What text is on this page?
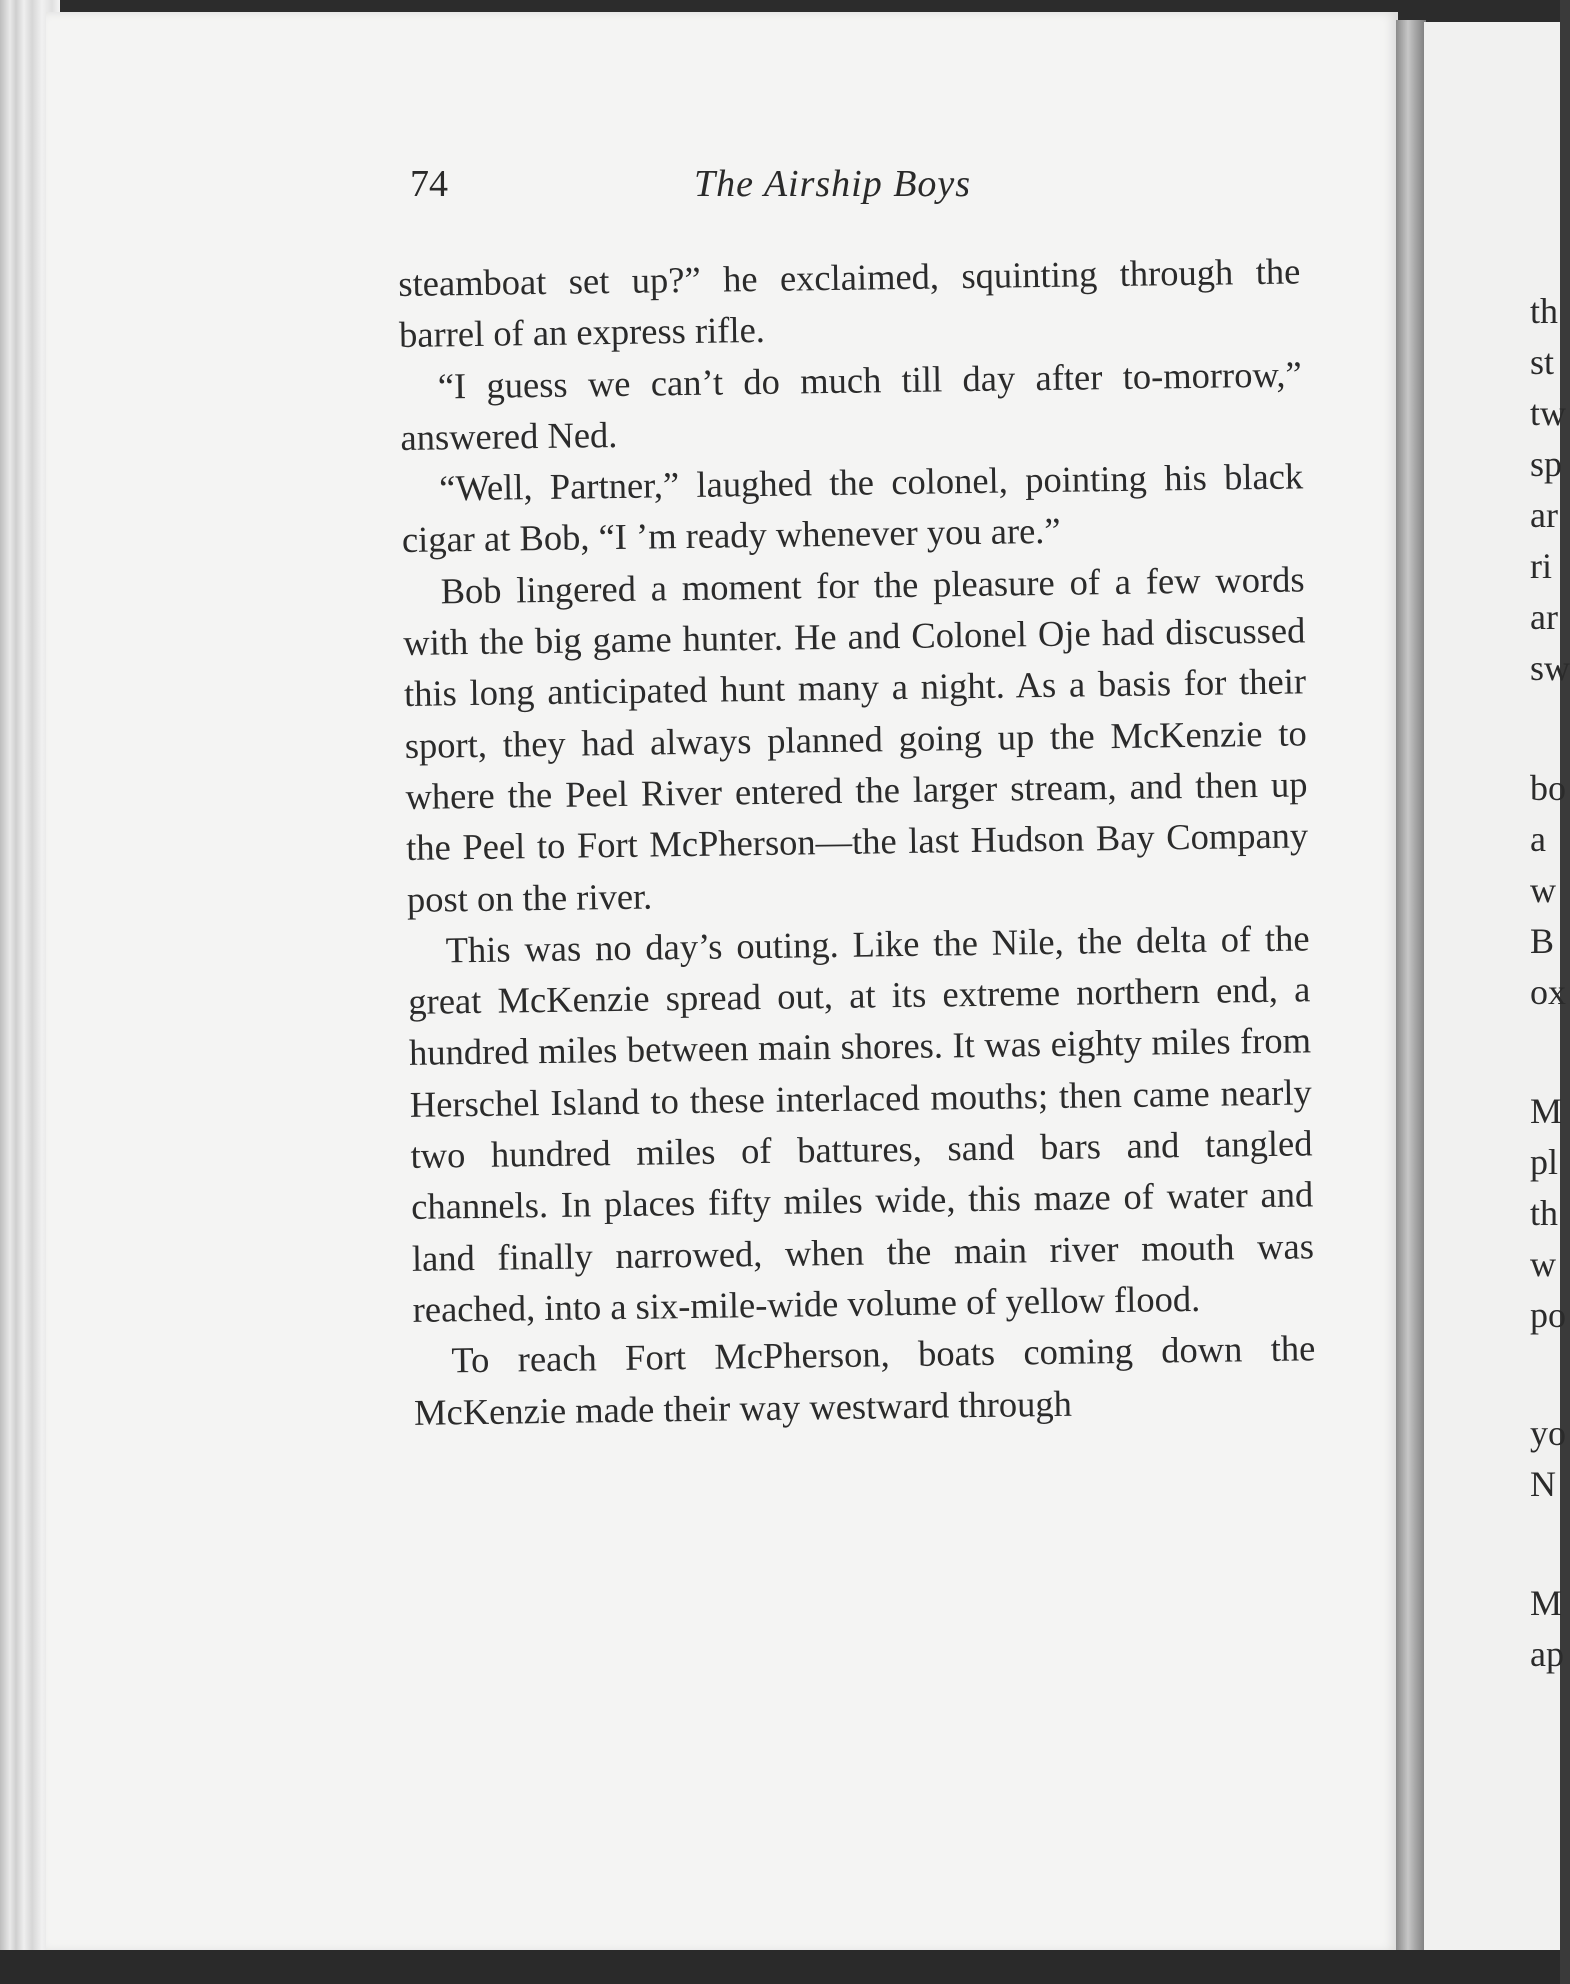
74	The Airship Boys

steamboat set up?” he exclaimed, squinting through the barrel of an express rifle.

“I guess we can’t do much till day after to-morrow,” answered Ned.

“Well, Partner,” laughed the colonel, pointing his black cigar at Bob, “I ’m ready whenever you are.”

Bob lingered a moment for the pleasure of a few words with the big game hunter. He and Colonel Oje had discussed this long anticipated hunt many a night. As a basis for their sport, they had always planned going up the McKenzie to where the Peel River entered the larger stream, and then up the Peel to Fort McPherson—the last Hudson Bay Company post on the river.

This was no day’s outing. Like the Nile, the delta of the great McKenzie spread out, at its extreme northern end, a hundred miles between main shores. It was eighty miles from Herschel Island to these interlaced mouths; then came nearly two hundred miles of battures, sand bars and tangled channels. In places fifty miles wide, this maze of water and land finally narrowed, when the main river mouth was reached, into a six-mile-wide volume of yellow flood.

To reach Fort McPherson, boats coming down the McKenzie made their way westward through

th
st
tw
sp
ar
ri
ar
sw
bo
a
w
B
ox
M
pl
th
w
po
yo
N
M
ap
